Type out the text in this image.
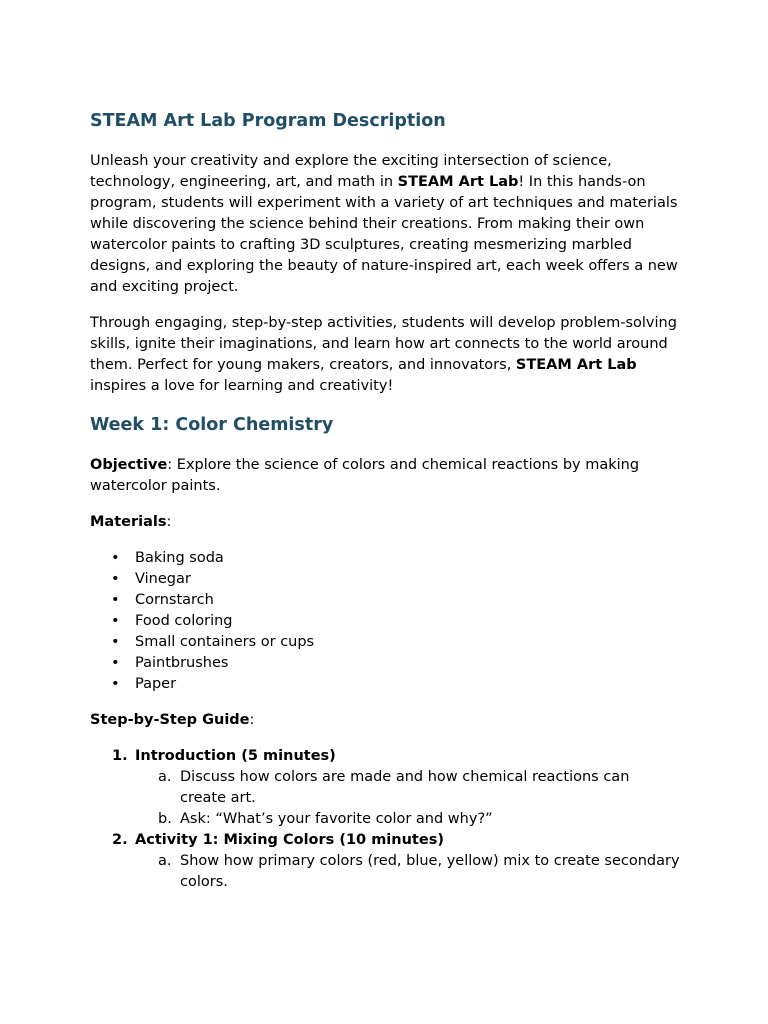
STEAM Art Lab Program Description

Unleash your creativity and explore the exciting intersection of science, technology, engineering, art, and math in STEAM Art Lab! In this hands-on program, students will experiment with a variety of art techniques and materials while discovering the science behind their creations. From making their own watercolor paints to crafting 3D sculptures, creating mesmerizing marbled designs, and exploring the beauty of nature-inspired art, each week offers a new and exciting project.

Through engaging, step-by-step activities, students will develop problem-solving skills, ignite their imaginations, and learn how art connects to the world around them. Perfect for young makers, creators, and innovators, STEAM Art Lab inspires a love for learning and creativity!

Week 1: Color Chemistry

Objective: Explore the science of colors and chemical reactions by making watercolor paints.

Materials:

• Baking soda
• Vinegar
• Cornstarch
• Food coloring
• Small containers or cups
• Paintbrushes
• Paper

Step-by-Step Guide:

1. Introduction (5 minutes)
a. Discuss how colors are made and how chemical reactions can create art.
b. Ask: “What’s your favorite color and why?”
2. Activity 1: Mixing Colors (10 minutes)
a. Show how primary colors (red, blue, yellow) mix to create secondary colors.
